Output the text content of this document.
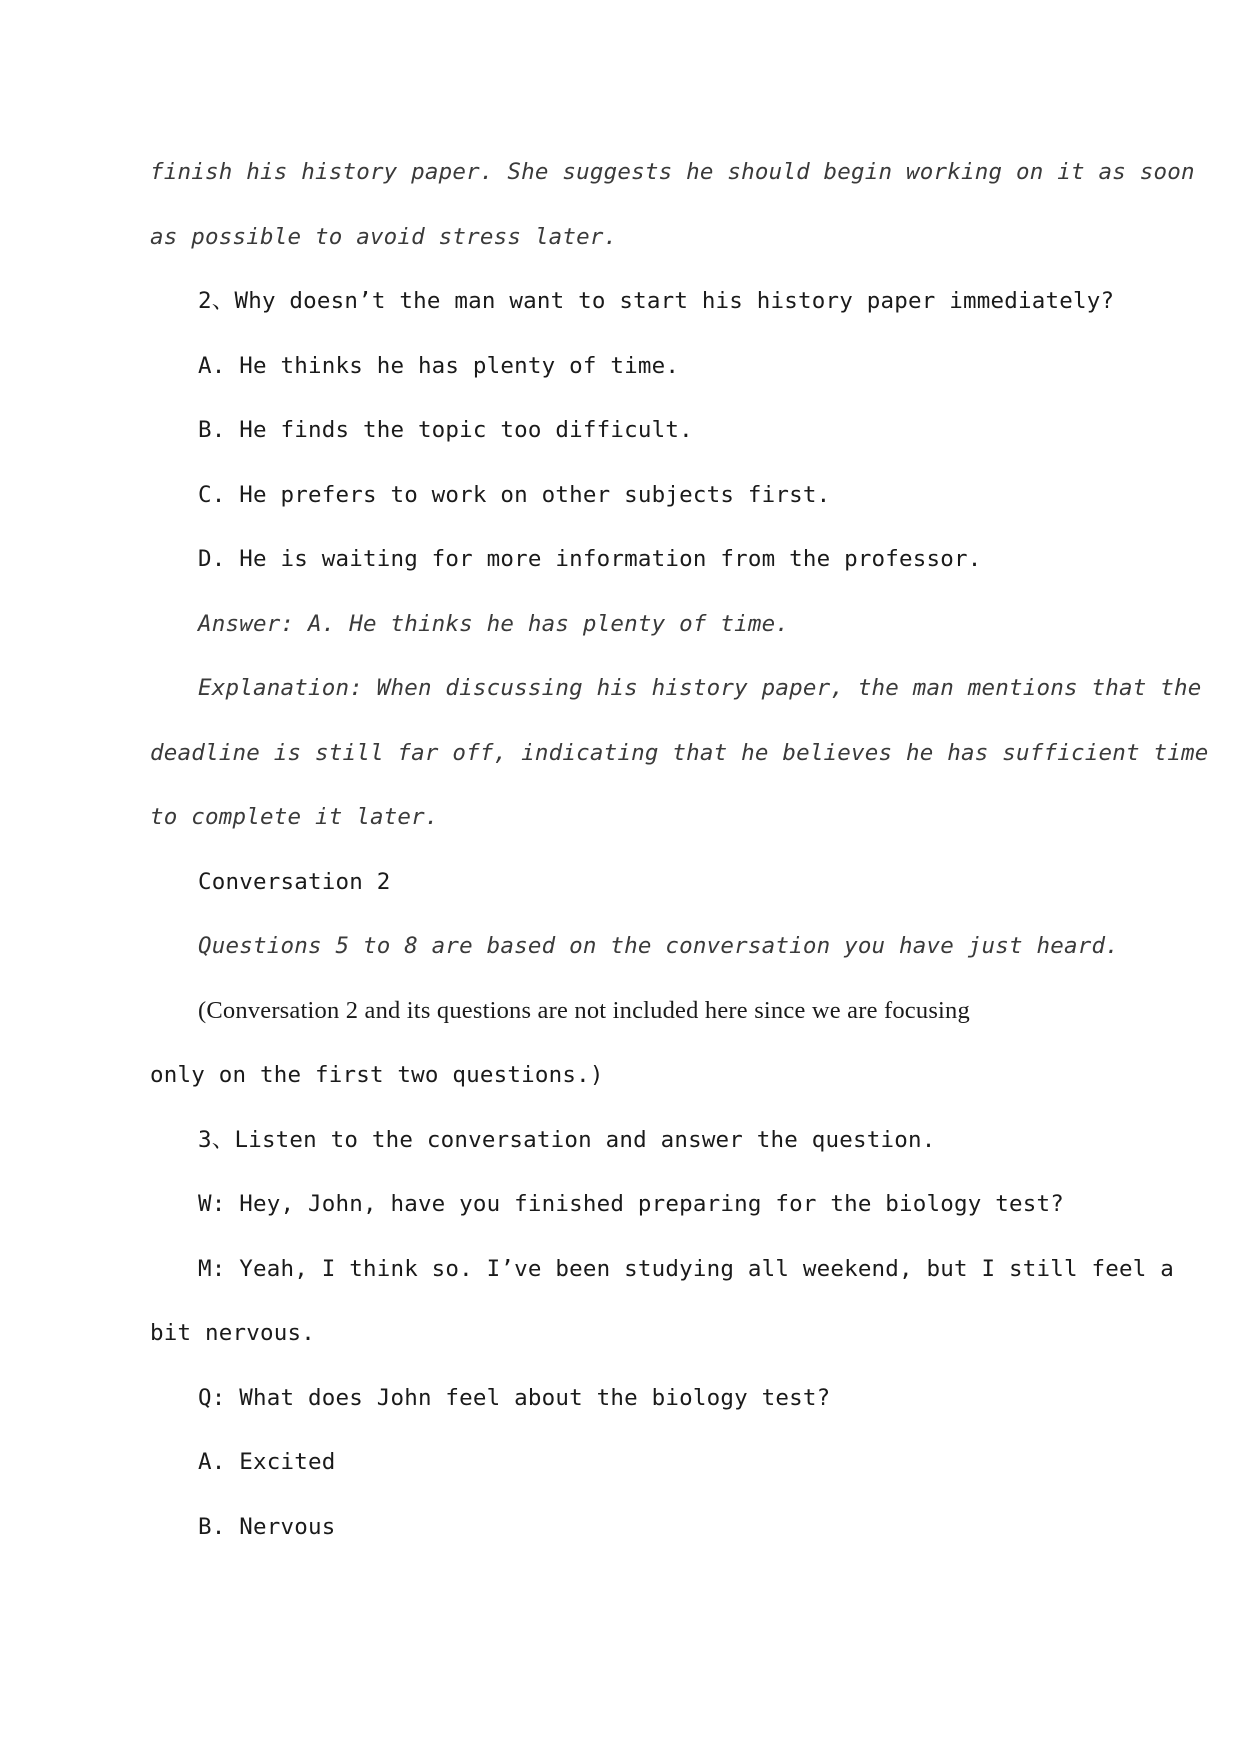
finish his history paper. She suggests he should begin working on it as soon
as possible to avoid stress later.
2、Why doesn’t the man want to start his history paper immediately?
A. He thinks he has plenty of time.
B. He finds the topic too difficult.
C. He prefers to work on other subjects first.
D. He is waiting for more information from the professor.
Answer: A. He thinks he has plenty of time.
Explanation: When discussing his history paper, the man mentions that the
deadline is still far off, indicating that he believes he has sufficient time
to complete it later.
Conversation 2
Questions 5 to 8 are based on the conversation you have just heard.
(Conversation 2 and its questions are not included here since we are focusing
only on the first two questions.)
3、Listen to the conversation and answer the question.
W: Hey, John, have you finished preparing for the biology test?
M: Yeah, I think so. I’ve been studying all weekend, but I still feel a
bit nervous.
Q: What does John feel about the biology test?
A. Excited
B. Nervous
